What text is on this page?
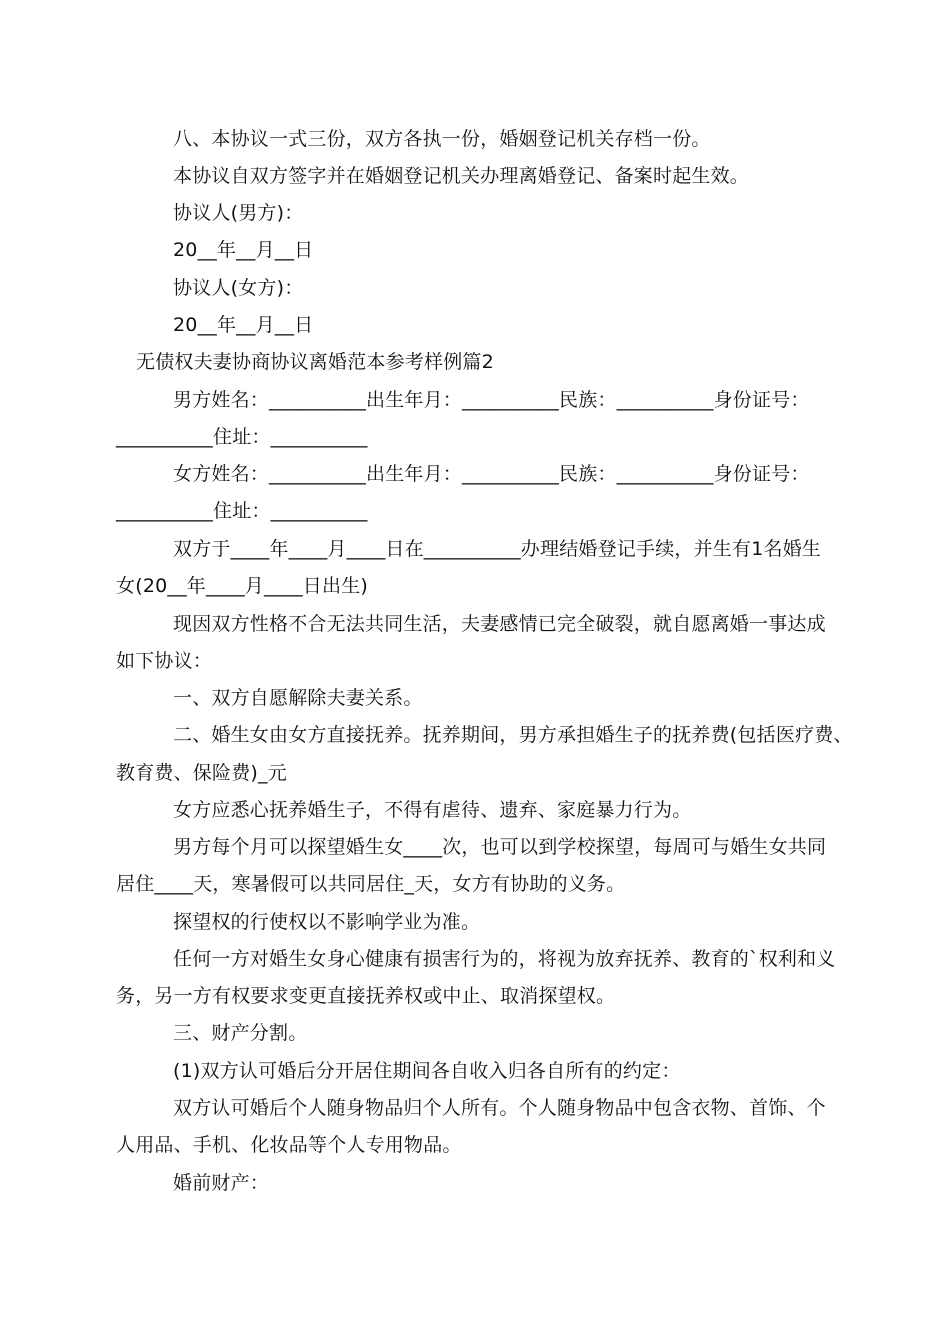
八、本协议一式三份，双方各执一份，婚姻登记机关存档一份。
本协议自双方签字并在婚姻登记机关办理离婚登记、备案时起生效。
协议人(男方)：
20__年__月__日
协议人(女方)：
20__年__月__日
无债权夫妻协商协议离婚范本参考样例篇2
男方姓名：__________出生年月：__________民族：__________身份证号：
__________住址：__________
女方姓名：__________出生年月：__________民族：__________身份证号：
__________住址：__________
双方于____年____月____日在__________办理结婚登记手续，并生有1名婚生
女(20__年____月____日出生)
现因双方性格不合无法共同生活，夫妻感情已完全破裂，就自愿离婚一事达成
如下协议：
一、双方自愿解除夫妻关系。
二、婚生女由女方直接抚养。抚养期间，男方承担婚生子的抚养费(包括医疗费、
教育费、保险费)_元
女方应悉心抚养婚生子，不得有虐待、遗弃、家庭暴力行为。
男方每个月可以探望婚生女____次，也可以到学校探望，每周可与婚生女共同
居住____天，寒暑假可以共同居住_天，女方有协助的义务。
探望权的行使权以不影响学业为准。
任何一方对婚生女身心健康有损害行为的，将视为放弃抚养、教育的`权利和义
务，另一方有权要求变更直接抚养权或中止、取消探望权。
三、财产分割。
(1)双方认可婚后分开居住期间各自收入归各自所有的约定：
双方认可婚后个人随身物品归个人所有。个人随身物品中包含衣物、首饰、个
人用品、手机、化妆品等个人专用物品。
婚前财产：
